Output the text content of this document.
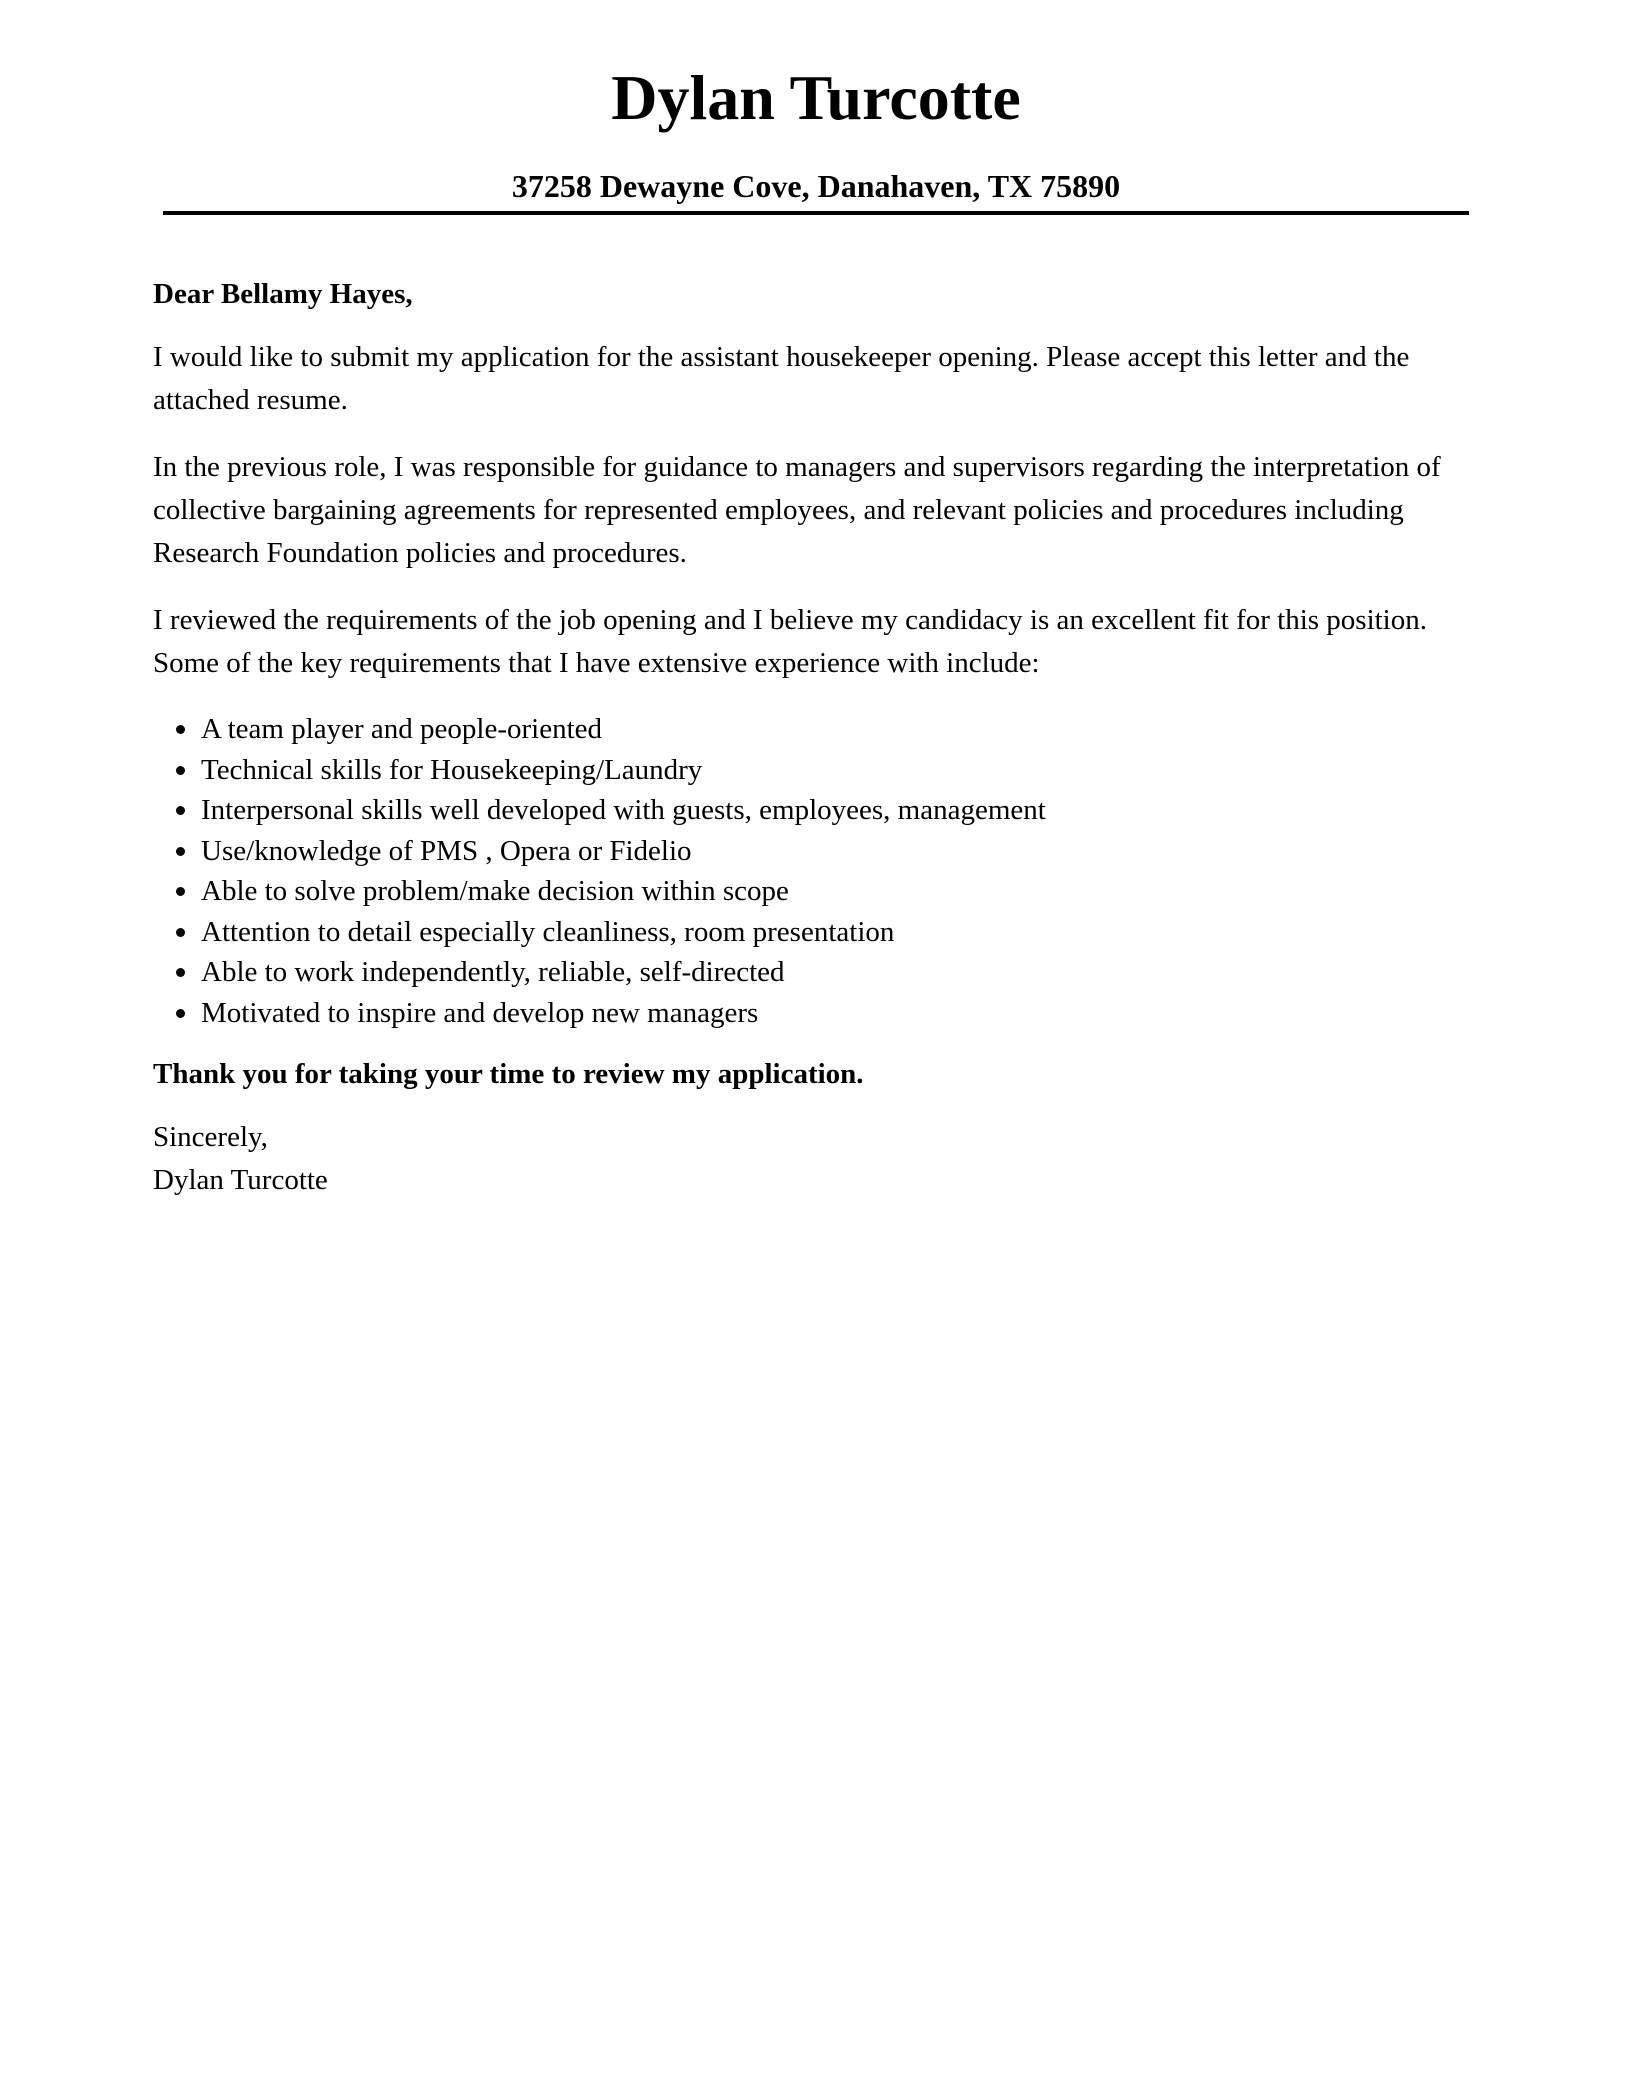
Dylan Turcotte
37258 Dewayne Cove, Danahaven, TX 75890

Dear Bellamy Hayes,

I would like to submit my application for the assistant housekeeper opening. Please accept this letter and the attached resume.

In the previous role, I was responsible for guidance to managers and supervisors regarding the interpretation of collective bargaining agreements for represented employees, and relevant policies and procedures including Research Foundation policies and procedures.

I reviewed the requirements of the job opening and I believe my candidacy is an excellent fit for this position. Some of the key requirements that I have extensive experience with include:

A team player and people-oriented
Technical skills for Housekeeping/Laundry
Interpersonal skills well developed with guests, employees, management
Use/knowledge of PMS , Opera or Fidelio
Able to solve problem/make decision within scope
Attention to detail especially cleanliness, room presentation
Able to work independently, reliable, self-directed
Motivated to inspire and develop new managers

Thank you for taking your time to review my application.

Sincerely,

Dylan Turcotte
